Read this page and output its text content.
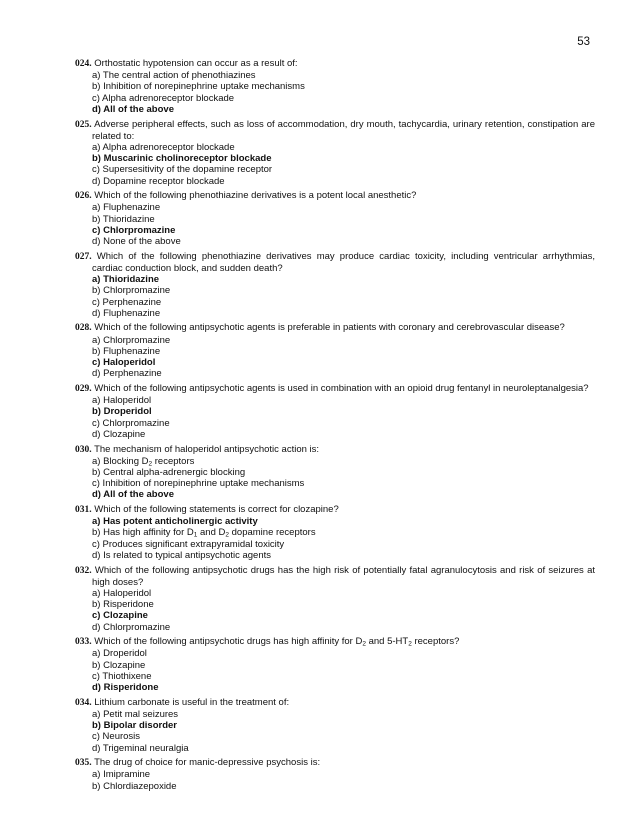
53
024. Orthostatic hypotension can occur as a result of:
a) The central action of phenothiazines
b) Inhibition of norepinephrine uptake mechanisms
c) Alpha adrenoreceptor blockade
d) All of the above
025. Adverse peripheral effects, such as loss of accommodation, dry mouth, tachycardia, urinary retention, constipation are related to:
a) Alpha adrenoreceptor blockade
b) Muscarinic cholinoreceptor blockade
c) Supersesitivity of the dopamine receptor
d) Dopamine receptor blockade
026. Which of the following phenothiazine derivatives is a potent local anesthetic?
a) Fluphenazine
b) Thioridazine
c) Chlorpromazine
d) None of the above
027. Which of the following phenothiazine derivatives may produce cardiac toxicity, including ventricular arrhythmias, cardiac conduction block, and sudden death?
a) Thioridazine
b) Chlorpromazine
c) Perphenazine
d) Fluphenazine
028. Which of the following antipsychotic agents is preferable in patients with coronary and cerebrovascular disease?
a) Chlorpromazine
b) Fluphenazine
c) Haloperidol
d) Perphenazine
029. Which of the following antipsychotic agents is used in combination with an opioid drug fentanyl in neuroleptanalgesia?
a) Haloperidol
b) Droperidol
c) Chlorpromazine
d) Clozapine
030. The mechanism of haloperidol antipsychotic action is:
a) Blocking $D_2$ receptors
b) Central alpha-adrenergic blocking
c) Inhibition of norepinephrine uptake mechanisms
d) All of the above
031. Which of the following statements is correct for clozapine?
a) Has potent anticholinergic activity
b) Has high affinity for $D_1$ and $D_2$ dopamine receptors
c) Produces significant extrapyramidal toxicity
d) Is related to typical antipsychotic agents
032. Which of the following antipsychotic drugs has the high risk of potentially fatal agranulocytosis and risk of seizures at high doses?
a) Haloperidol
b) Risperidone
c) Clozapine
d) Chlorpromazine
033. Which of the following antipsychotic drugs has high affinity for $D_2$ and $5-HT_2$ receptors?
a) Droperidol
b) Clozapine
c) Thiothixene
d) Risperidone
034. Lithium carbonate is useful in the treatment of:
a) Petit mal seizures
b) Bipolar disorder
c) Neurosis
d) Trigeminal neuralgia
035. The drug of choice for manic-depressive psychosis is:
a) Imipramine
b) Chlordiazepoxide
